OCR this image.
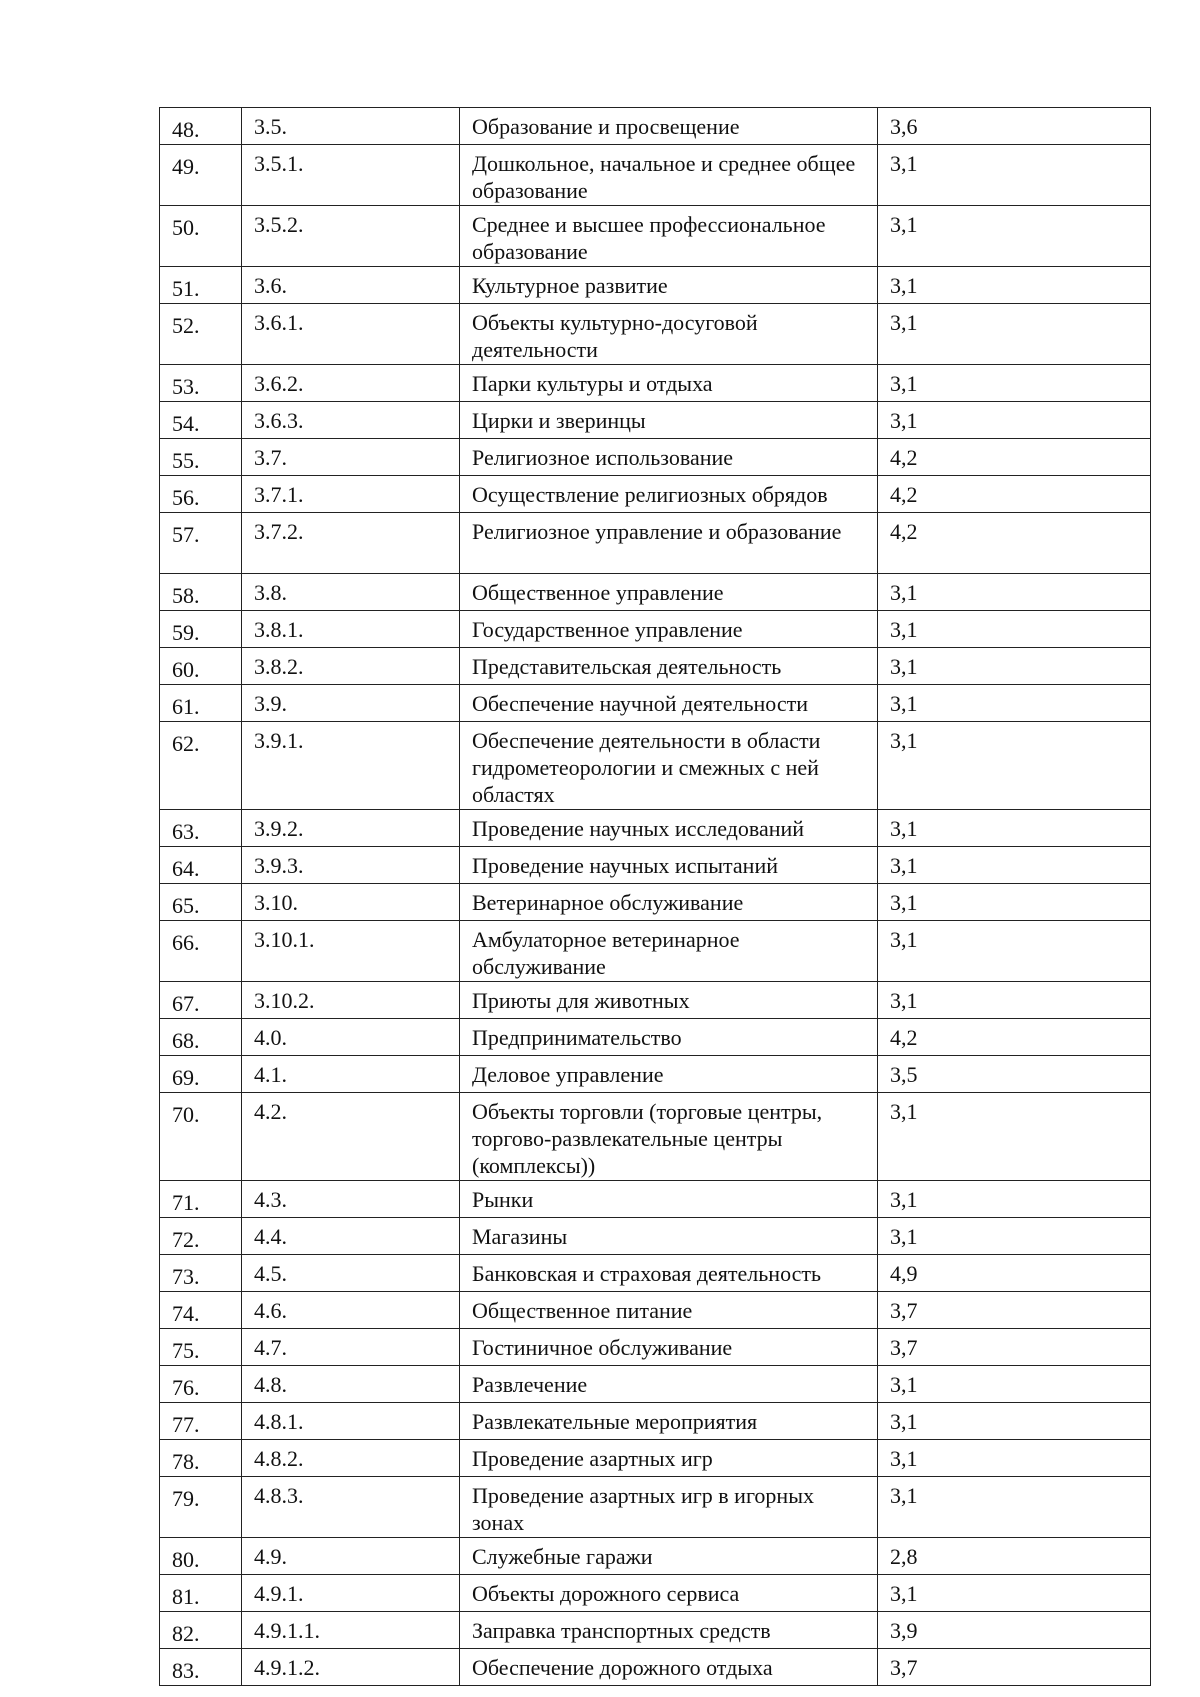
48.	3.5.	Образование и просвещение	3,6
49.	3.5.1.	Дошкольное, начальное и среднее общее образование	3,1
50.	3.5.2.	Среднее и высшее профессиональное образование	3,1
51.	3.6.	Культурное развитие	3,1
52.	3.6.1.	Объекты культурно-досуговой деятельности	3,1
53.	3.6.2.	Парки культуры и отдыха	3,1
54.	3.6.3.	Цирки и зверинцы	3,1
55.	3.7.	Религиозное использование	4,2
56.	3.7.1.	Осуществление религиозных обрядов	4,2
57.	3.7.2.	Религиозное управление и образование	4,2
58.	3.8.	Общественное управление	3,1
59.	3.8.1.	Государственное управление	3,1
60.	3.8.2.	Представительская деятельность	3,1
61.	3.9.	Обеспечение научной деятельности	3,1
62.	3.9.1.	Обеспечение деятельности в области гидрометеорологии и смежных с ней областях	3,1
63.	3.9.2.	Проведение научных исследований	3,1
64.	3.9.3.	Проведение научных испытаний	3,1
65.	3.10.	Ветеринарное обслуживание	3,1
66.	3.10.1.	Амбулаторное ветеринарное обслуживание	3,1
67.	3.10.2.	Приюты для животных	3,1
68.	4.0.	Предпринимательство	4,2
69.	4.1.	Деловое управление	3,5
70.	4.2.	Объекты торговли (торговые центры, торгово-развлекательные центры (комплексы))	3,1
71.	4.3.	Рынки	3,1
72.	4.4.	Магазины	3,1
73.	4.5.	Банковская и страховая деятельность	4,9
74.	4.6.	Общественное питание	3,7
75.	4.7.	Гостиничное обслуживание	3,7
76.	4.8.	Развлечение	3,1
77.	4.8.1.	Развлекательные мероприятия	3,1
78.	4.8.2.	Проведение азартных игр	3,1
79.	4.8.3.	Проведение азартных игр в игорных зонах	3,1
80.	4.9.	Служебные гаражи	2,8
81.	4.9.1.	Объекты дорожного сервиса	3,1
82.	4.9.1.1.	Заправка транспортных средств	3,9
83.	4.9.1.2.	Обеспечение дорожного отдыха	3,7
